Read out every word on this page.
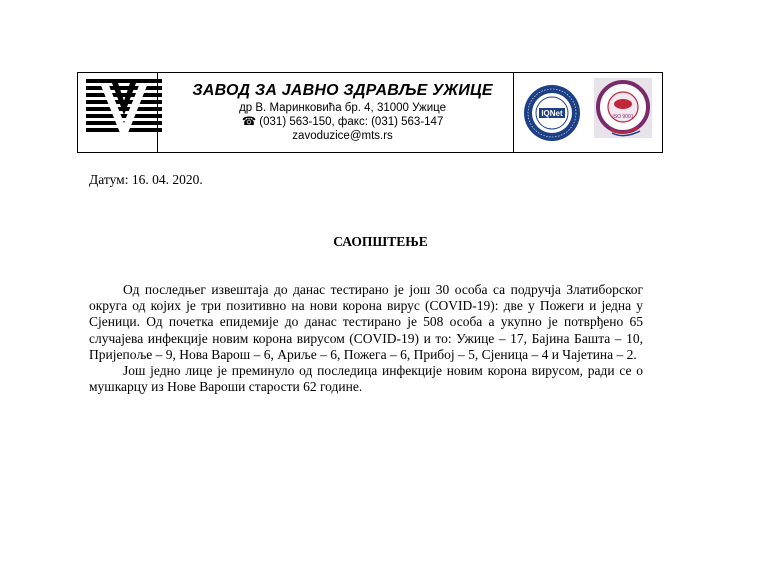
ЗАВОД ЗА ЈАВНО ЗДРАВЉЕ УЖИЦЕ
др В. Маринковића бр. 4, 31000 Ужице
☎ (031) 563-150, факс: (031) 563-147
zavoduzice@mts.rs
IQNet	ISO 9001
Датум: 16. 04. 2020.
САОПШТЕЊЕ

Од последњег извештаја до данас тестирано је још 30 особа са подручја Златиборског округа од којих је три позитивно на нови корона вирус (COVID-19): две у Пожеги и једна у Сјеници. Од почетка епидемије до данас тестирано је 508 особа а укупно је потврђено 65 случајева инфекције новим корона вирусом (COVID-19) и то: Ужице – 17, Бајина Башта – 10, Пријепоље – 9, Нова Варош – 6, Ариље – 6, Пожега – 6, Прибој – 5, Сјеница – 4 и Чајетина – 2.

Још једно лице је преминуло од последица инфекције новим корона вирусом, ради се о мушкарцу из Нове Вароши старости 62 године.
